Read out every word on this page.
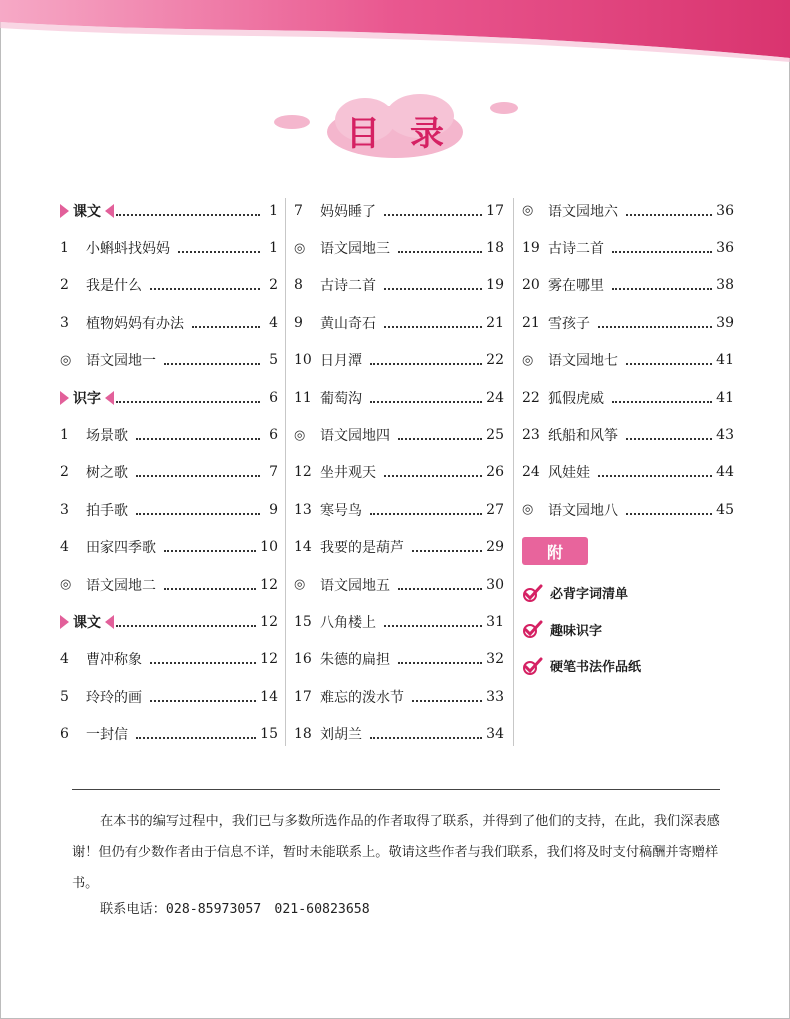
目录
课文	1
1	小蝌蚪找妈妈	1
2	我是什么	2
3	植物妈妈有办法	4
◎	语文园地一	5
识字	6
1	场景歌	6
2	树之歌	7
3	拍手歌	9
4	田家四季歌	10
◎	语文园地二	12
课文	12
4	曹冲称象	12
5	玲玲的画	14
6	一封信	15
7	妈妈睡了	17
◎	语文园地三	18
8	古诗二首	19
9	黄山奇石	21
10 日月潭	22
11 葡萄沟	24
◎	语文园地四	25
12 坐井观天	26
13 寒号鸟	27
14 我要的是葫芦	29
◎	语文园地五	30
15 八角楼上	31
16 朱德的扁担	32
17 难忘的泼水节	33
18 刘胡兰	34
◎	语文园地六	36
19 古诗二首	36
20 雾在哪里	38
21 雪孩子	39
◎	语文园地七	41
22 狐假虎威	41
23 纸船和风筝	43
24 风娃娃	44
◎	语文园地八	45
附
必背字词清单
趣味识字
硬笔书法作品纸

在本书的编写过程中，我们已与多数所选作品的作者取得了联系，并得到了他们的支持，在此，我们深表感谢！但仍有少数作者由于信息不详，暂时未能联系上。敬请这些作者与我们联系，我们将及时支付稿酬并寄赠样书。

联系电话：028-85973057　021-60823658
